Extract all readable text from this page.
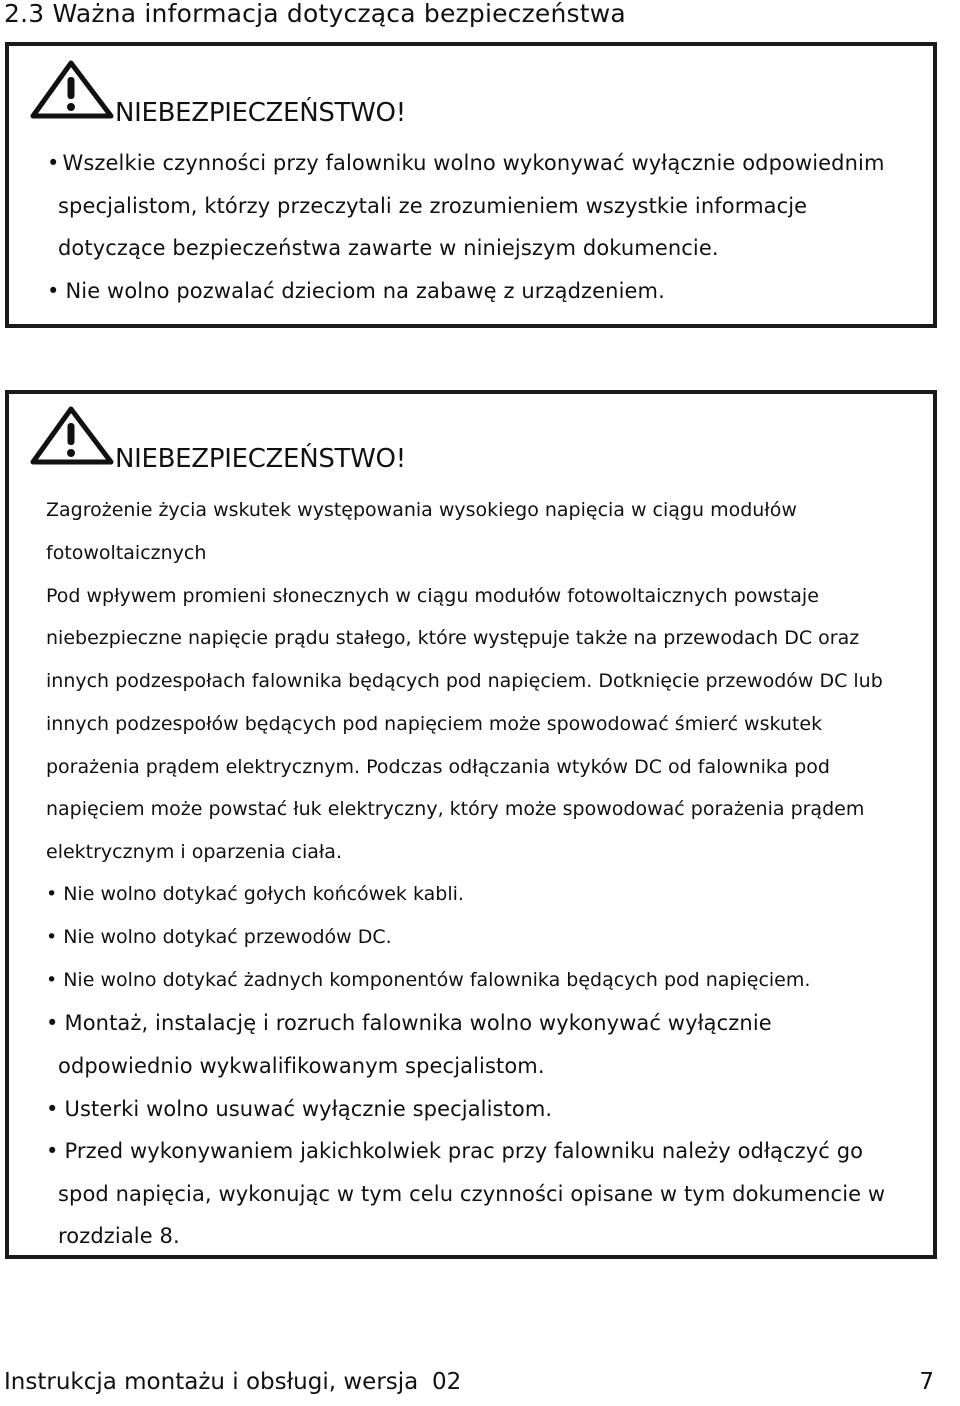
2.3 Ważna informacja dotycząca bezpieczeństwa
NIEBEZPIECZEŃSTWO!
• Wszelkie czynności przy falowniku wolno wykonywać wyłącznie odpowiednim
specjalistom, którzy przeczytali ze zrozumieniem wszystkie informacje
dotyczące bezpieczeństwa zawarte w niniejszym dokumencie.
• Nie wolno pozwalać dzieciom na zabawę z urządzeniem.
NIEBEZPIECZEŃSTWO!
Zagrożenie życia wskutek występowania wysokiego napięcia w ciągu modułów
fotowoltaicznych
Pod wpływem promieni słonecznych w ciągu modułów fotowoltaicznych powstaje
niebezpieczne napięcie prądu stałego, które występuje także na przewodach DC oraz
innych podzespołach falownika będących pod napięciem. Dotknięcie przewodów DC lub
innych podzespołów będących pod napięciem może spowodować śmierć wskutek
porażenia prądem elektrycznym. Podczas odłączania wtyków DC od falownika pod
napięciem może powstać łuk elektryczny, który może spowodować porażenia prądem
elektrycznym i oparzenia ciała.
• Nie wolno dotykać gołych końcówek kabli.
• Nie wolno dotykać przewodów DC.
• Nie wolno dotykać żadnych komponentów falownika będących pod napięciem.
• Montaż, instalację i rozruch falownika wolno wykonywać wyłącznie
odpowiednio wykwalifikowanym specjalistom.
• Usterki wolno usuwać wyłącznie specjalistom.
• Przed wykonywaniem jakichkolwiek prac przy falowniku należy odłączyć go
spod napięcia, wykonując w tym celu czynności opisane w tym dokumencie w
rozdziale 8.
Instrukcja montażu i obsługi, wersja 02	7
